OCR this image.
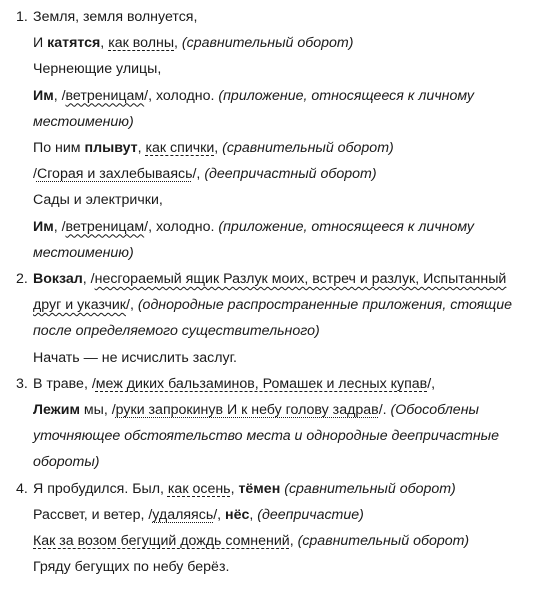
1. Земля, земля волнуется,
И катятся, как волны, (сравнительный оборот)
Чернеющие улицы,
Им, /ветреницам/, холодно. (приложение, относящееся к личному
местоимению)
По ним плывут, как спички, (сравнительный оборот)
/Сгорая и захлебываясь/, (деепричастный оборот)
Сады и электрички,
Им, /ветреницам/, холодно. (приложение, относящееся к личному
местоимению)
2. Вокзал, /несгораемый ящик Разлук моих, встреч и разлук, Испытанный
друг и указчик/, (однородные распространенные приложения, стоящие
после определяемого существительного)
Начать — не исчислить заслуг.
3. В траве, /меж диких бальзаминов, Ромашек и лесных купав/,
Лежим мы, /руки запрокинув И к небу голову задрав/. (Обособлены
уточняющее обстоятельство места и однородные деепричастные
обороты)
4. Я пробудился. Был, как осень, тёмен (сравнительный оборот)
Рассвет, и ветер, /удаляясь/, нёс, (деепричастие)
Как за возом бегущий дождь сомнений, (сравнительный оборот)
Гряду бегущих по небу берёз.
